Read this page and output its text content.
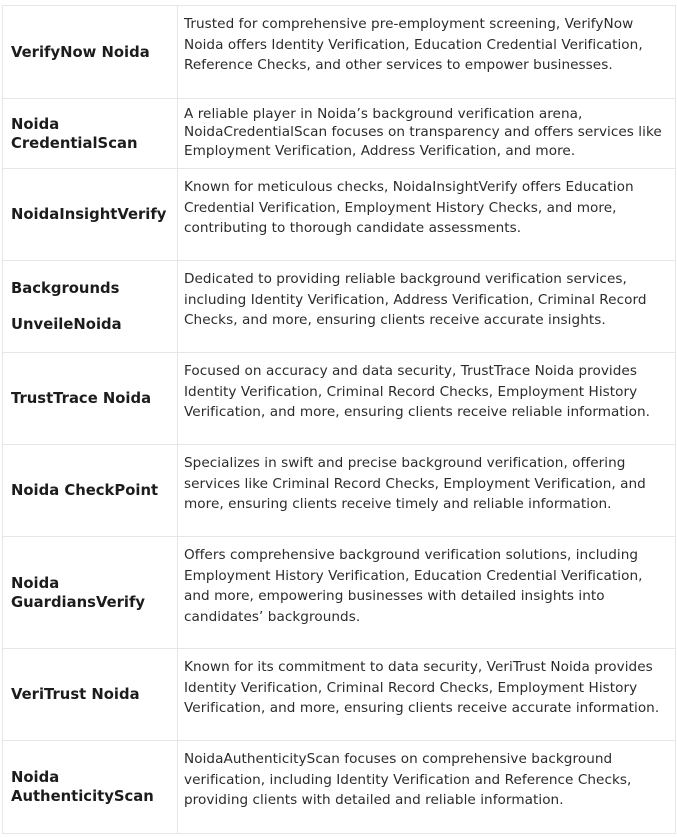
VerifyNow Noida	Trusted for comprehensive pre-employment screening, VerifyNow Noida offers Identity Verification, Education Credential Verification, Reference Checks, and other services to empower businesses.

Noida
CredentialScan	A reliable player in Noida’s background verification arena, NoidaCredentialScan focuses on transparency and offers services like Employment Verification, Address Verification, and more.

NoidaInsightVerify	Known for meticulous checks, NoidaInsightVerify offers Education Credential Verification, Employment History Checks, and more, contributing to thorough candidate assessments.

Backgrounds
UnveileNoida	Dedicated to providing reliable background verification services, including Identity Verification, Address Verification, Criminal Record Checks, and more, ensuring clients receive accurate insights.

TrustTrace Noida	Focused on accuracy and data security, TrustTrace Noida provides Identity Verification, Criminal Record Checks, Employment History Verification, and more, ensuring clients receive reliable information.

Noida CheckPoint	Specializes in swift and precise background verification, offering services like Criminal Record Checks, Employment Verification, and more, ensuring clients receive timely and reliable information.

Noida
GuardiansVerify	Offers comprehensive background verification solutions, including Employment History Verification, Education Credential Verification, and more, empowering businesses with detailed insights into candidates’ backgrounds.

VeriTrust Noida	Known for its commitment to data security, VeriTrust Noida provides Identity Verification, Criminal Record Checks, Employment History Verification, and more, ensuring clients receive accurate information.

Noida
AuthenticityScan	NoidaAuthenticityScan focuses on comprehensive background verification, including Identity Verification and Reference Checks, providing clients with detailed and reliable information.
